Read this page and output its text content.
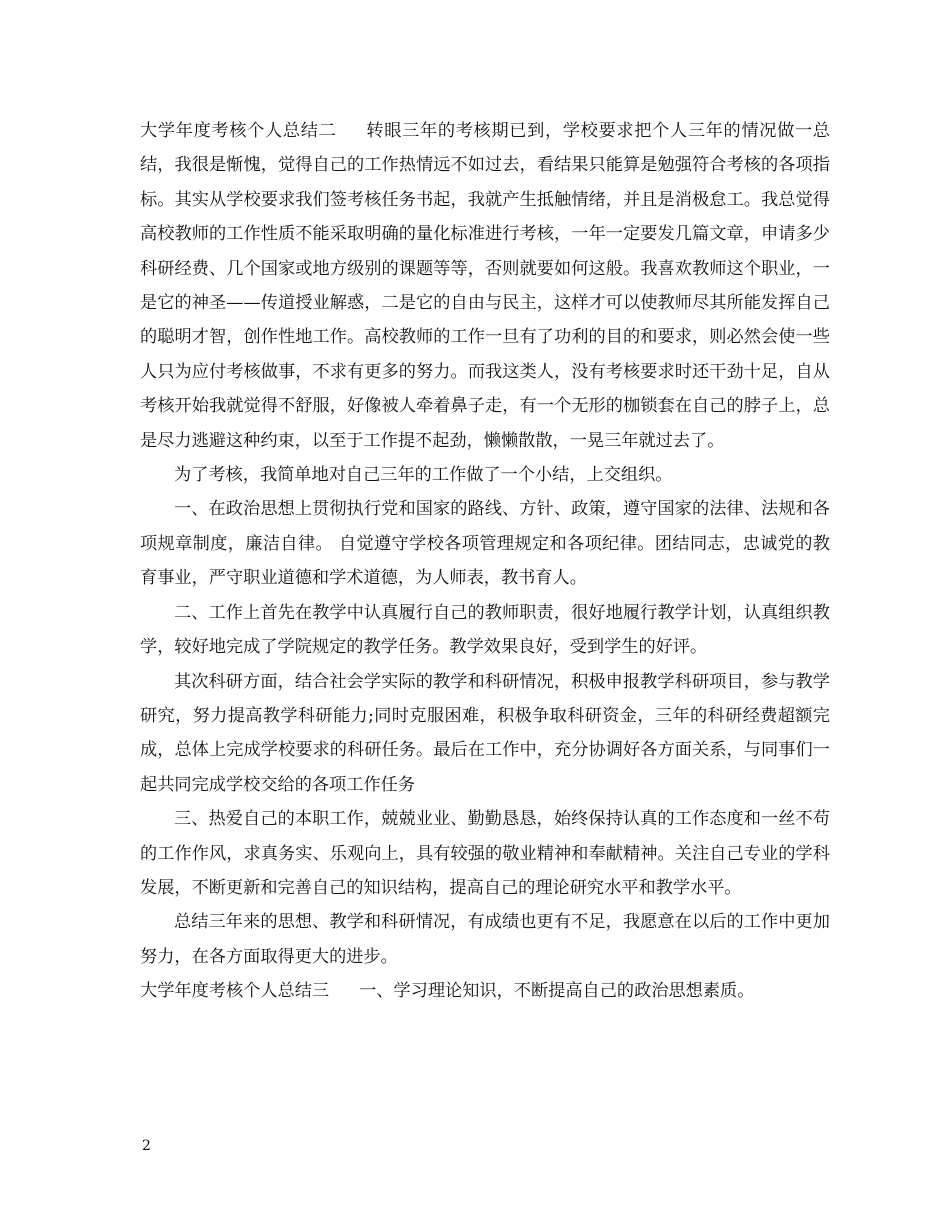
大学年度考核个人总结二 转眼三年的考核期已到，学校要求把个人三年的情况做一总结，我很是惭愧，觉得自己的工作热情远不如过去，看结果只能算是勉强符合考核的各项指标。其实从学校要求我们签考核任务书起，我就产生抵触情绪，并且是消极怠工。我总觉得高校教师的工作性质不能采取明确的量化标准进行考核，一年一定要发几篇文章，申请多少科研经费、几个国家或地方级别的课题等等，否则就要如何这般。我喜欢教师这个职业，一是它的神圣——传道授业解惑，二是它的自由与民主，这样才可以使教师尽其所能发挥自己的聪明才智，创作性地工作。高校教师的工作一旦有了功利的目的和要求，则必然会使一些人只为应付考核做事，不求有更多的努力。而我这类人，没有考核要求时还干劲十足，自从考核开始我就觉得不舒服，好像被人牵着鼻子走，有一个无形的枷锁套在自己的脖子上，总是尽力逃避这种约束，以至于工作提不起劲，懒懒散散，一晃三年就过去了。

为了考核，我简单地对自己三年的工作做了一个小结，上交组织。

一、在政治思想上贯彻执行党和国家的路线、方针、政策，遵守国家的法律、法规和各项规章制度，廉洁自律。 自觉遵守学校各项管理规定和各项纪律。团结同志，忠诚党的教育事业，严守职业道德和学术道德，为人师表，教书育人。

二、工作上首先在教学中认真履行自己的教师职责，很好地履行教学计划，认真组织教学，较好地完成了学院规定的教学任务。教学效果良好，受到学生的好评。

其次科研方面，结合社会学实际的教学和科研情况，积极申报教学科研项目，参与教学研究，努力提高教学科研能力;同时克服困难，积极争取科研资金，三年的科研经费超额完成，总体上完成学校要求的科研任务。最后在工作中，充分协调好各方面关系，与同事们一起共同完成学校交给的各项工作任务

三、热爱自己的本职工作，兢兢业业、勤勤恳恳，始终保持认真的工作态度和一丝不苟的工作作风，求真务实、乐观向上，具有较强的敬业精神和奉献精神。关注自己专业的学科发展，不断更新和完善自己的知识结构，提高自己的理论研究水平和教学水平。

总结三年来的思想、教学和科研情况，有成绩也更有不足，我愿意在以后的工作中更加努力，在各方面取得更大的进步。

大学年度考核个人总结三 一、学习理论知识，不断提高自己的政治思想素质。

2
